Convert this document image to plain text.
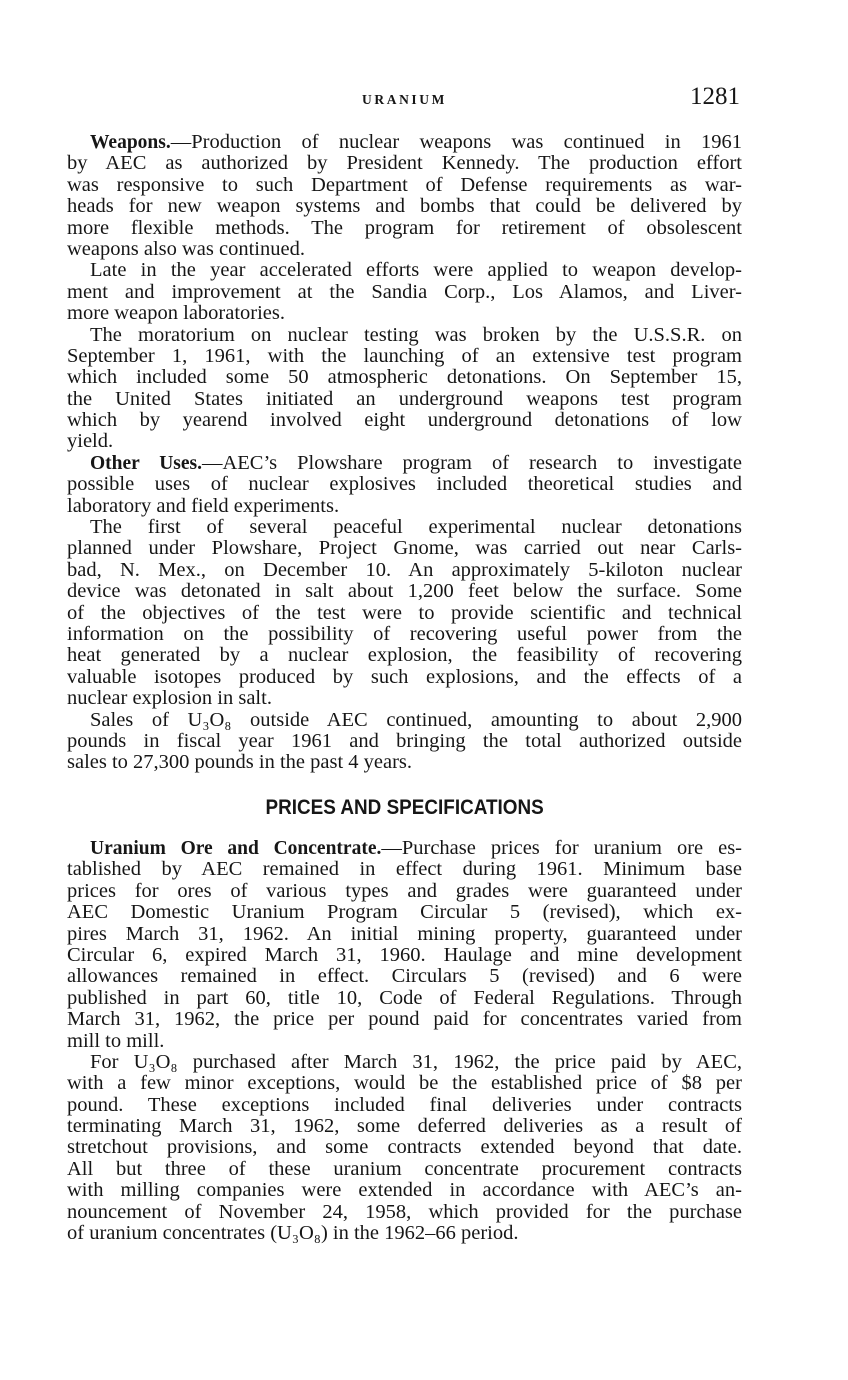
URANIUM	1281
Weapons.—Production of nuclear weapons was continued in 1961
by AEC as authorized by President Kennedy. The production effort
was responsive to such Department of Defense requirements as war-
heads for new weapon systems and bombs that could be delivered by
more flexible methods. The program for retirement of obsolescent
weapons also was continued.
Late in the year accelerated efforts were applied to weapon develop-
ment and improvement at the Sandia Corp., Los Alamos, and Liver-
more weapon laboratories.
The moratorium on nuclear testing was broken by the U.S.S.R. on
September 1, 1961, with the launching of an extensive test program
which included some 50 atmospheric detonations. On September 15,
the United States initiated an underground weapons test program
which by yearend involved eight underground detonations of low
yield.
Other Uses.—AEC’s Plowshare program of research to investigate
possible uses of nuclear explosives included theoretical studies and
laboratory and field experiments.
The first of several peaceful experimental nuclear detonations
planned under Plowshare, Project Gnome, was carried out near Carls-
bad, N. Mex., on December 10. An approximately 5-kiloton nuclear
device was detonated in salt about 1,200 feet below the surface. Some
of the objectives of the test were to provide scientific and technical
information on the possibility of recovering useful power from the
heat generated by a nuclear explosion, the feasibility of recovering
valuable isotopes produced by such explosions, and the effects of a
nuclear explosion in salt.
Sales of U₃O₈ outside AEC continued, amounting to about 2,900
pounds in fiscal year 1961 and bringing the total authorized outside
sales to 27,300 pounds in the past 4 years.
PRICES AND SPECIFICATIONS
Uranium Ore and Concentrate.—Purchase prices for uranium ore es-
tablished by AEC remained in effect during 1961. Minimum base
prices for ores of various types and grades were guaranteed under
AEC Domestic Uranium Program Circular 5 (revised), which ex-
pires March 31, 1962. An initial mining property, guaranteed under
Circular 6, expired March 31, 1960. Haulage and mine development
allowances remained in effect. Circulars 5 (revised) and 6 were
published in part 60, title 10, Code of Federal Regulations. Through
March 31, 1962, the price per pound paid for concentrates varied from
mill to mill.
For U₃O₈ purchased after March 31, 1962, the price paid by AEC,
with a few minor exceptions, would be the established price of $8 per
pound. These exceptions included final deliveries under contracts
terminating March 31, 1962, some deferred deliveries as a result of
stretchout provisions, and some contracts extended beyond that date.
All but three of these uranium concentrate procurement contracts
with milling companies were extended in accordance with AEC’s an-
nouncement of November 24, 1958, which provided for the purchase
of uranium concentrates (U₃O₈) in the 1962–66 period.
